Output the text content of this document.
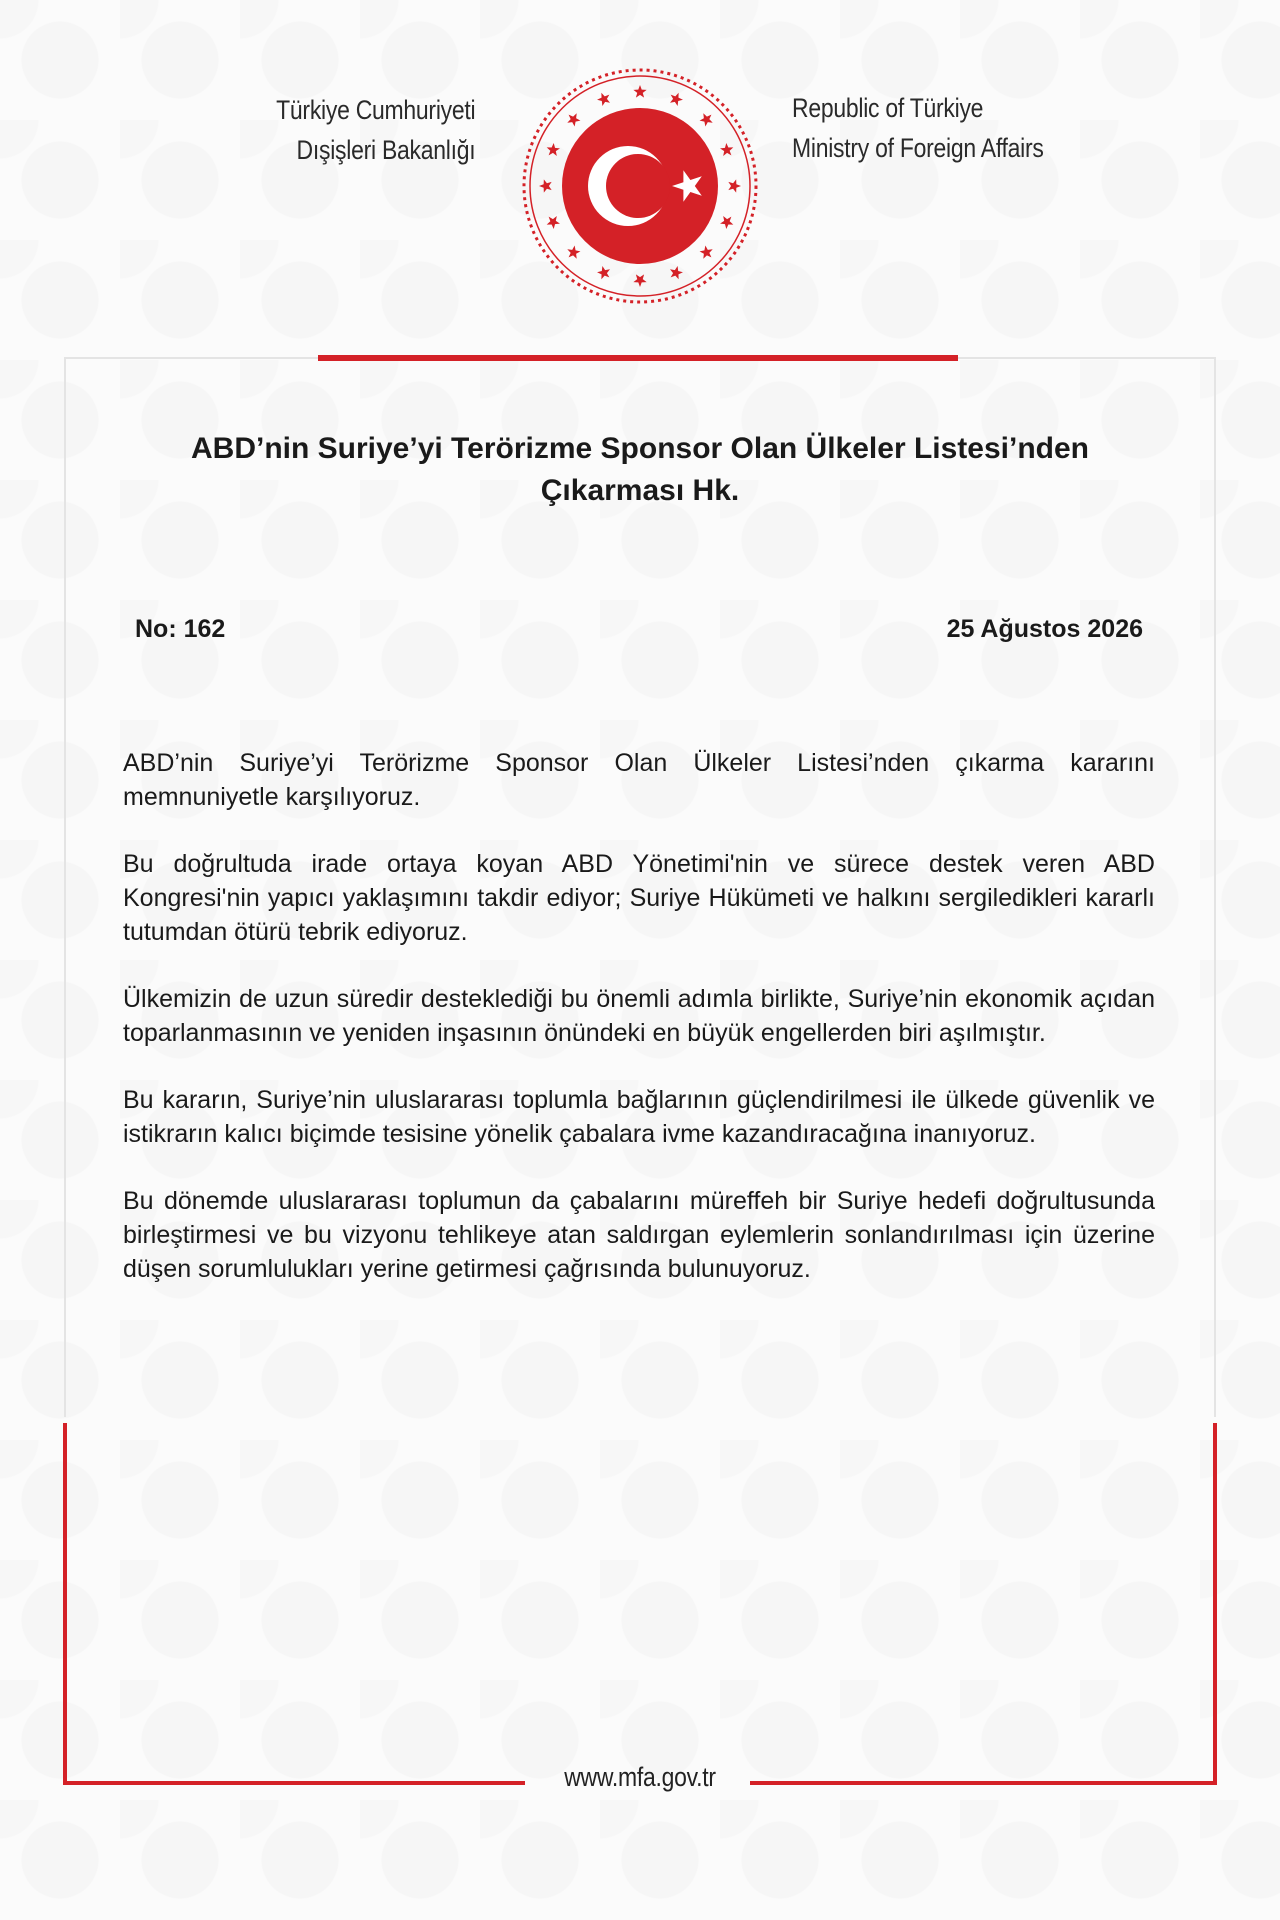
Türkiye Cumhuriyeti
Dışişleri Bakanlığı
Republic of Türkiye
Ministry of Foreign Affairs
ABD’nin Suriye’yi Terörizme Sponsor Olan Ülkeler Listesi’nden Çıkarması Hk.
No: 162	25 Ağustos 2026

ABD’nin Suriye’yi Terörizme Sponsor Olan Ülkeler Listesi’nden çıkarma kararını memnuniyetle karşılıyoruz.

Bu doğrultuda irade ortaya koyan ABD Yönetimi'nin ve sürece destek veren ABD Kongresi'nin yapıcı yaklaşımını takdir ediyor; Suriye Hükümeti ve halkını sergiledikleri kararlı tutumdan ötürü tebrik ediyoruz.

Ülkemizin de uzun süredir desteklediği bu önemli adımla birlikte, Suriye’nin ekonomik açıdan toparlanmasının ve yeniden inşasının önündeki en büyük engellerden biri aşılmıştır.

Bu kararın, Suriye’nin uluslararası toplumla bağlarının güçlendirilmesi ile ülkede güvenlik ve istikrarın kalıcı biçimde tesisine yönelik çabalara ivme kazandıracağına inanıyoruz.

Bu dönemde uluslararası toplumun da çabalarını müreffeh bir Suriye hedefi doğrultusunda birleştirmesi ve bu vizyonu tehlikeye atan saldırgan eylemlerin sonlandırılması için üzerine düşen sorumlulukları yerine getirmesi çağrısında bulunuyoruz.

www.mfa.gov.tr
